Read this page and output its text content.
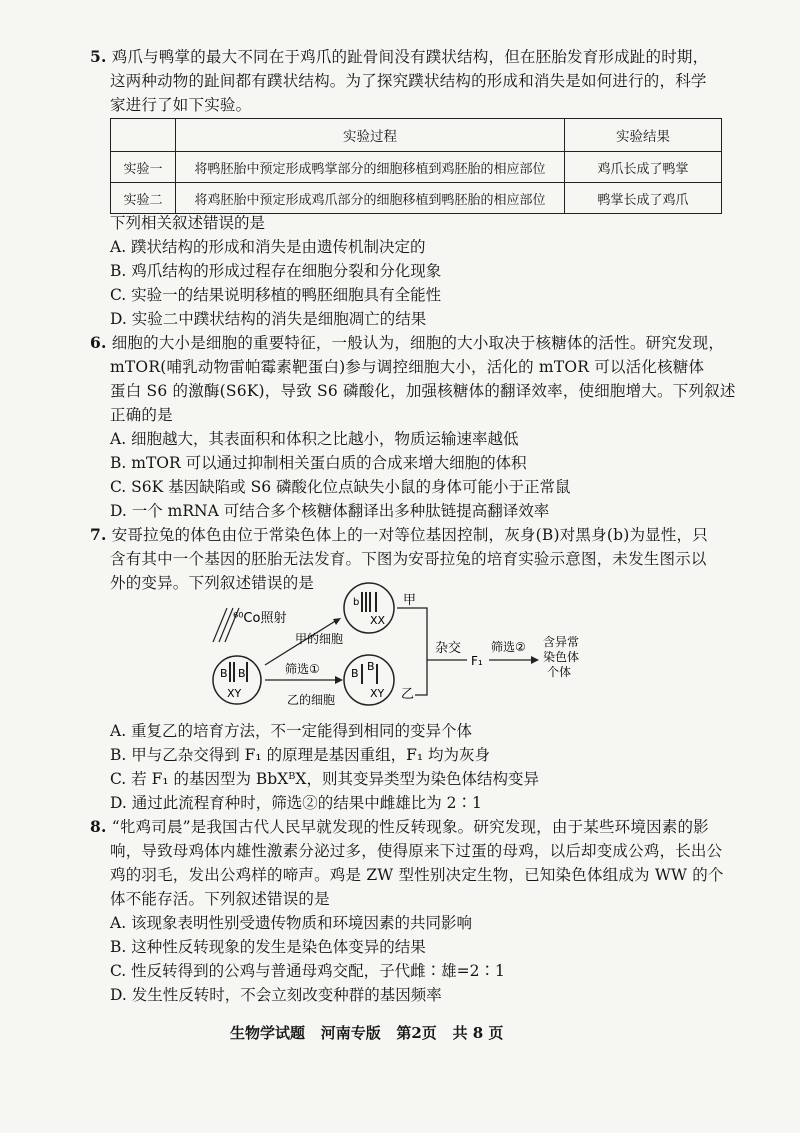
5. 鸡爪与鸭掌的最大不同在于鸡爪的趾骨间没有蹼状结构，但在胚胎发育形成趾的时期，
这两种动物的趾间都有蹼状结构。为了探究蹼状结构的形成和消失是如何进行的，科学
家进行了如下实验。
	实验过程	实验结果
实验一	将鸭胚胎中预定形成鸭掌部分的细胞移植到鸡胚胎的相应部位	鸡爪长成了鸭掌
实验二	将鸡胚胎中预定形成鸡爪部分的细胞移植到鸭胚胎的相应部位	鸭掌长成了鸡爪
下列相关叙述错误的是
A. 蹼状结构的形成和消失是由遗传机制决定的
B. 鸡爪结构的形成过程存在细胞分裂和分化现象
C. 实验一的结果说明移植的鸭胚细胞具有全能性
D. 实验二中蹼状结构的消失是细胞凋亡的结果
6. 细胞的大小是细胞的重要特征，一般认为，细胞的大小取决于核糖体的活性。研究发现，
mTOR(哺乳动物雷帕霉素靶蛋白)参与调控细胞大小，活化的 mTOR 可以活化核糖体
蛋白 S6 的激酶(S6K)，导致 S6 磷酸化，加强核糖体的翻译效率，使细胞增大。下列叙述
正确的是
A. 细胞越大，其表面积和体积之比越小，物质运输速率越低
B. mTOR 可以通过抑制相关蛋白质的合成来增大细胞的体积
C. S6K 基因缺陷或 S6 磷酸化位点缺失小鼠的身体可能小于正常鼠
D. 一个 mRNA 可结合多个核糖体翻译出多种肽链提高翻译效率
7. 安哥拉兔的体色由位于常染色体上的一对等位基因控制，灰身(B)对黑身(b)为显性，只
含有其中一个基因的胚胎无法发育。下图为安哥拉兔的培育实验示意图，未发生图示以
外的变异。下列叙述错误的是
⁶⁰Co照射
B B
XY
甲的细胞
筛选①
乙的细胞
b
XX
甲
B
B
XY 乙
杂交
F₁
筛选② 含异常
染色体
个体
A. 重复乙的培育方法，不一定能得到相同的变异个体
B. 甲与乙杂交得到 F₁ 的原理是基因重组，F₁ 均为灰身
C. 若 F₁ 的基因型为 BbXᴮX，则其变异类型为染色体结构变异
D. 通过此流程育种时，筛选②的结果中雌雄比为 2∶1
8. “牝鸡司晨”是我国古代人民早就发现的性反转现象。研究发现，由于某些环境因素的影
响，导致母鸡体内雄性激素分泌过多，使得原来下过蛋的母鸡，以后却变成公鸡，长出公
鸡的羽毛，发出公鸡样的啼声。鸡是 ZW 型性别决定生物，已知染色体组成为 WW 的个
体不能存活。下列叙述错误的是
A. 该现象表明性别受遗传物质和环境因素的共同影响
B. 这种性反转现象的发生是染色体变异的结果
C. 性反转得到的公鸡与普通母鸡交配，子代雌∶雄=2∶1
D. 发生性反转时，不会立刻改变种群的基因频率
生物学试题 河南专版 第2页 共 8 页
